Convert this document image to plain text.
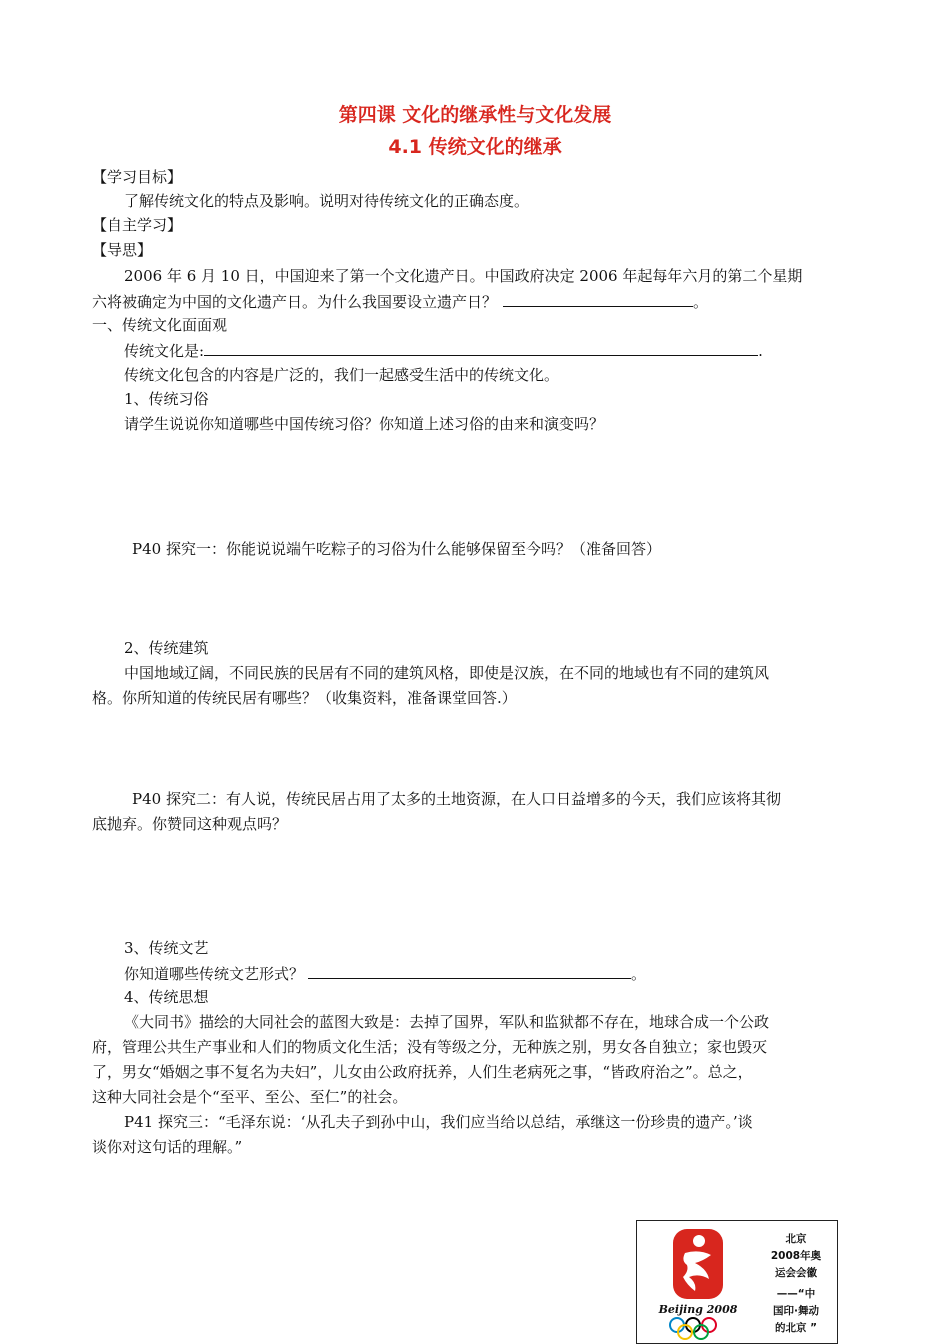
第四课 文化的继承性与文化发展
4.1 传统文化的继承
【学习目标】
了解传统文化的特点及影响。说明对待传统文化的正确态度。
【自主学习】
【导思】
2006 年 6 月 10 日，中国迎来了第一个文化遗产日。中国政府决定 2006 年起每年六月的第二个星期
六将被确定为中国的文化遗产日。为什么我国要设立遗产日？	。
一、传统文化面面观
传统文化是:	.
传统文化包含的内容是广泛的，我们一起感受生活中的传统文化。
1、传统习俗
请学生说说你知道哪些中国传统习俗？你知道上述习俗的由来和演变吗？
P40 探究一：你能说说端午吃粽子的习俗为什么能够保留至今吗？（准备回答）
2、传统建筑
中国地域辽阔，不同民族的民居有不同的建筑风格，即使是汉族，在不同的地域也有不同的建筑风
格。你所知道的传统民居有哪些？（收集资料，准备课堂回答.）
P40 探究二：有人说，传统民居占用了太多的土地资源，在人口日益增多的今天，我们应该将其彻
底抛弃。你赞同这种观点吗？
3、传统文艺
你知道哪些传统文艺形式？	。
4、传统思想
《大同书》描绘的大同社会的蓝图大致是：去掉了国界，军队和监狱都不存在，地球合成一个公政
府，管理公共生产事业和人们的物质文化生活；没有等级之分，无种族之别，男女各自独立；家也毁灭
了，男女“婚姻之事不复名为夫妇”，儿女由公政府抚养，人们生老病死之事，“皆政府治之”。总之，
这种大同社会是个“至平、至公、至仁”的社会。
P41 探究三：“毛泽东说：‘从孔夫子到孙中山，我们应当给以总结，承继这一份珍贵的遗产。’谈
谈你对这句话的理解。”
Beijing 2008
北京
2008年奥
运会会徽
——“中
国印·舞动
的北京 ”
